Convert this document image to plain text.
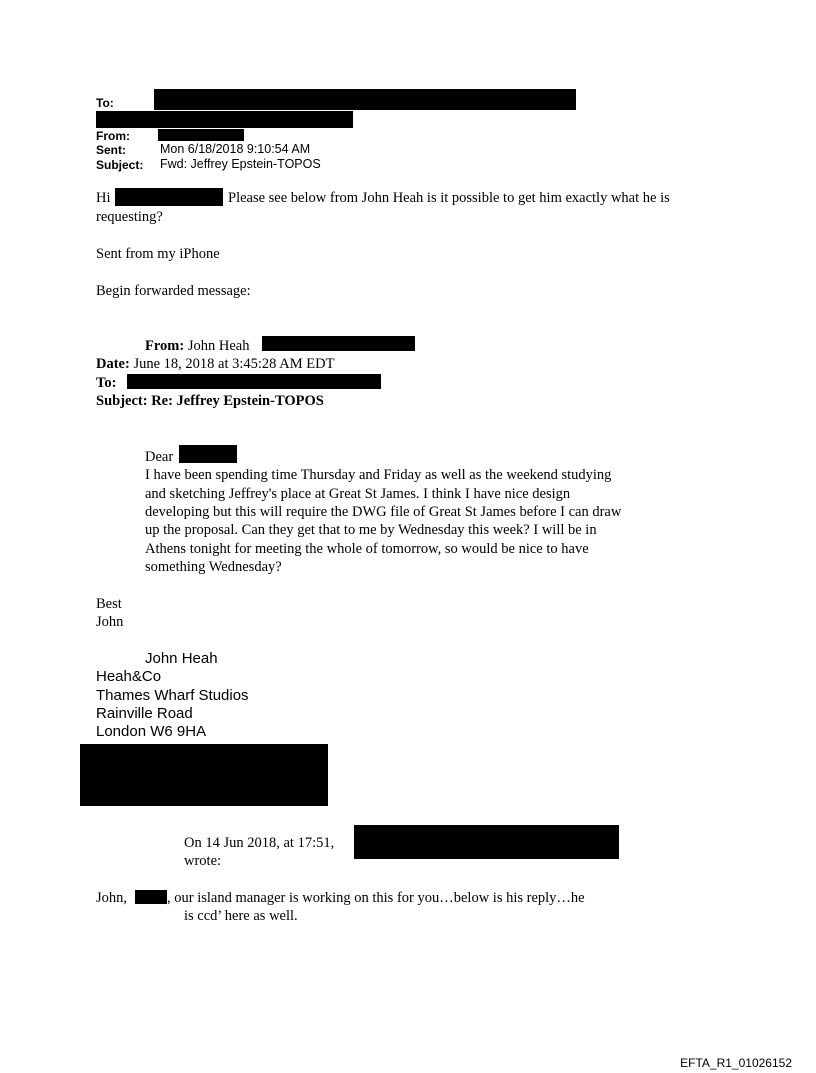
To:
From:
Sent:	Mon 6/18/2018 9:10:54 AM
Subject: Fwd: Jeffrey Epstein-TOPOS
Hi	Please see below from John Heah is it possible to get him exactly what he is
requesting?
Sent from my iPhone
Begin forwarded message:
From: John Heah
Date: June 18, 2018 at 3:45:28 AM EDT
To:
Subject: Re: Jeffrey Epstein-TOPOS
Dear
I have been spending time Thursday and Friday as well as the weekend studying
and sketching Jeffrey's place at Great St James. I think I have nice design
developing but this will require the DWG file of Great St James before I can draw
up the proposal. Can they get that to me by Wednesday this week? I will be in
Athens tonight for meeting the whole of tomorrow, so would be nice to have
something Wednesday?
Best
John
John Heah
Heah&Co
Thames Wharf Studios
Rainville Road
London W6 9HA
On 14 Jun 2018, at 17:51,
wrote:
John,	, our island manager is working on this for you…below is his reply…he
is ccd’ here as well.
EFTA_R1_01026152
